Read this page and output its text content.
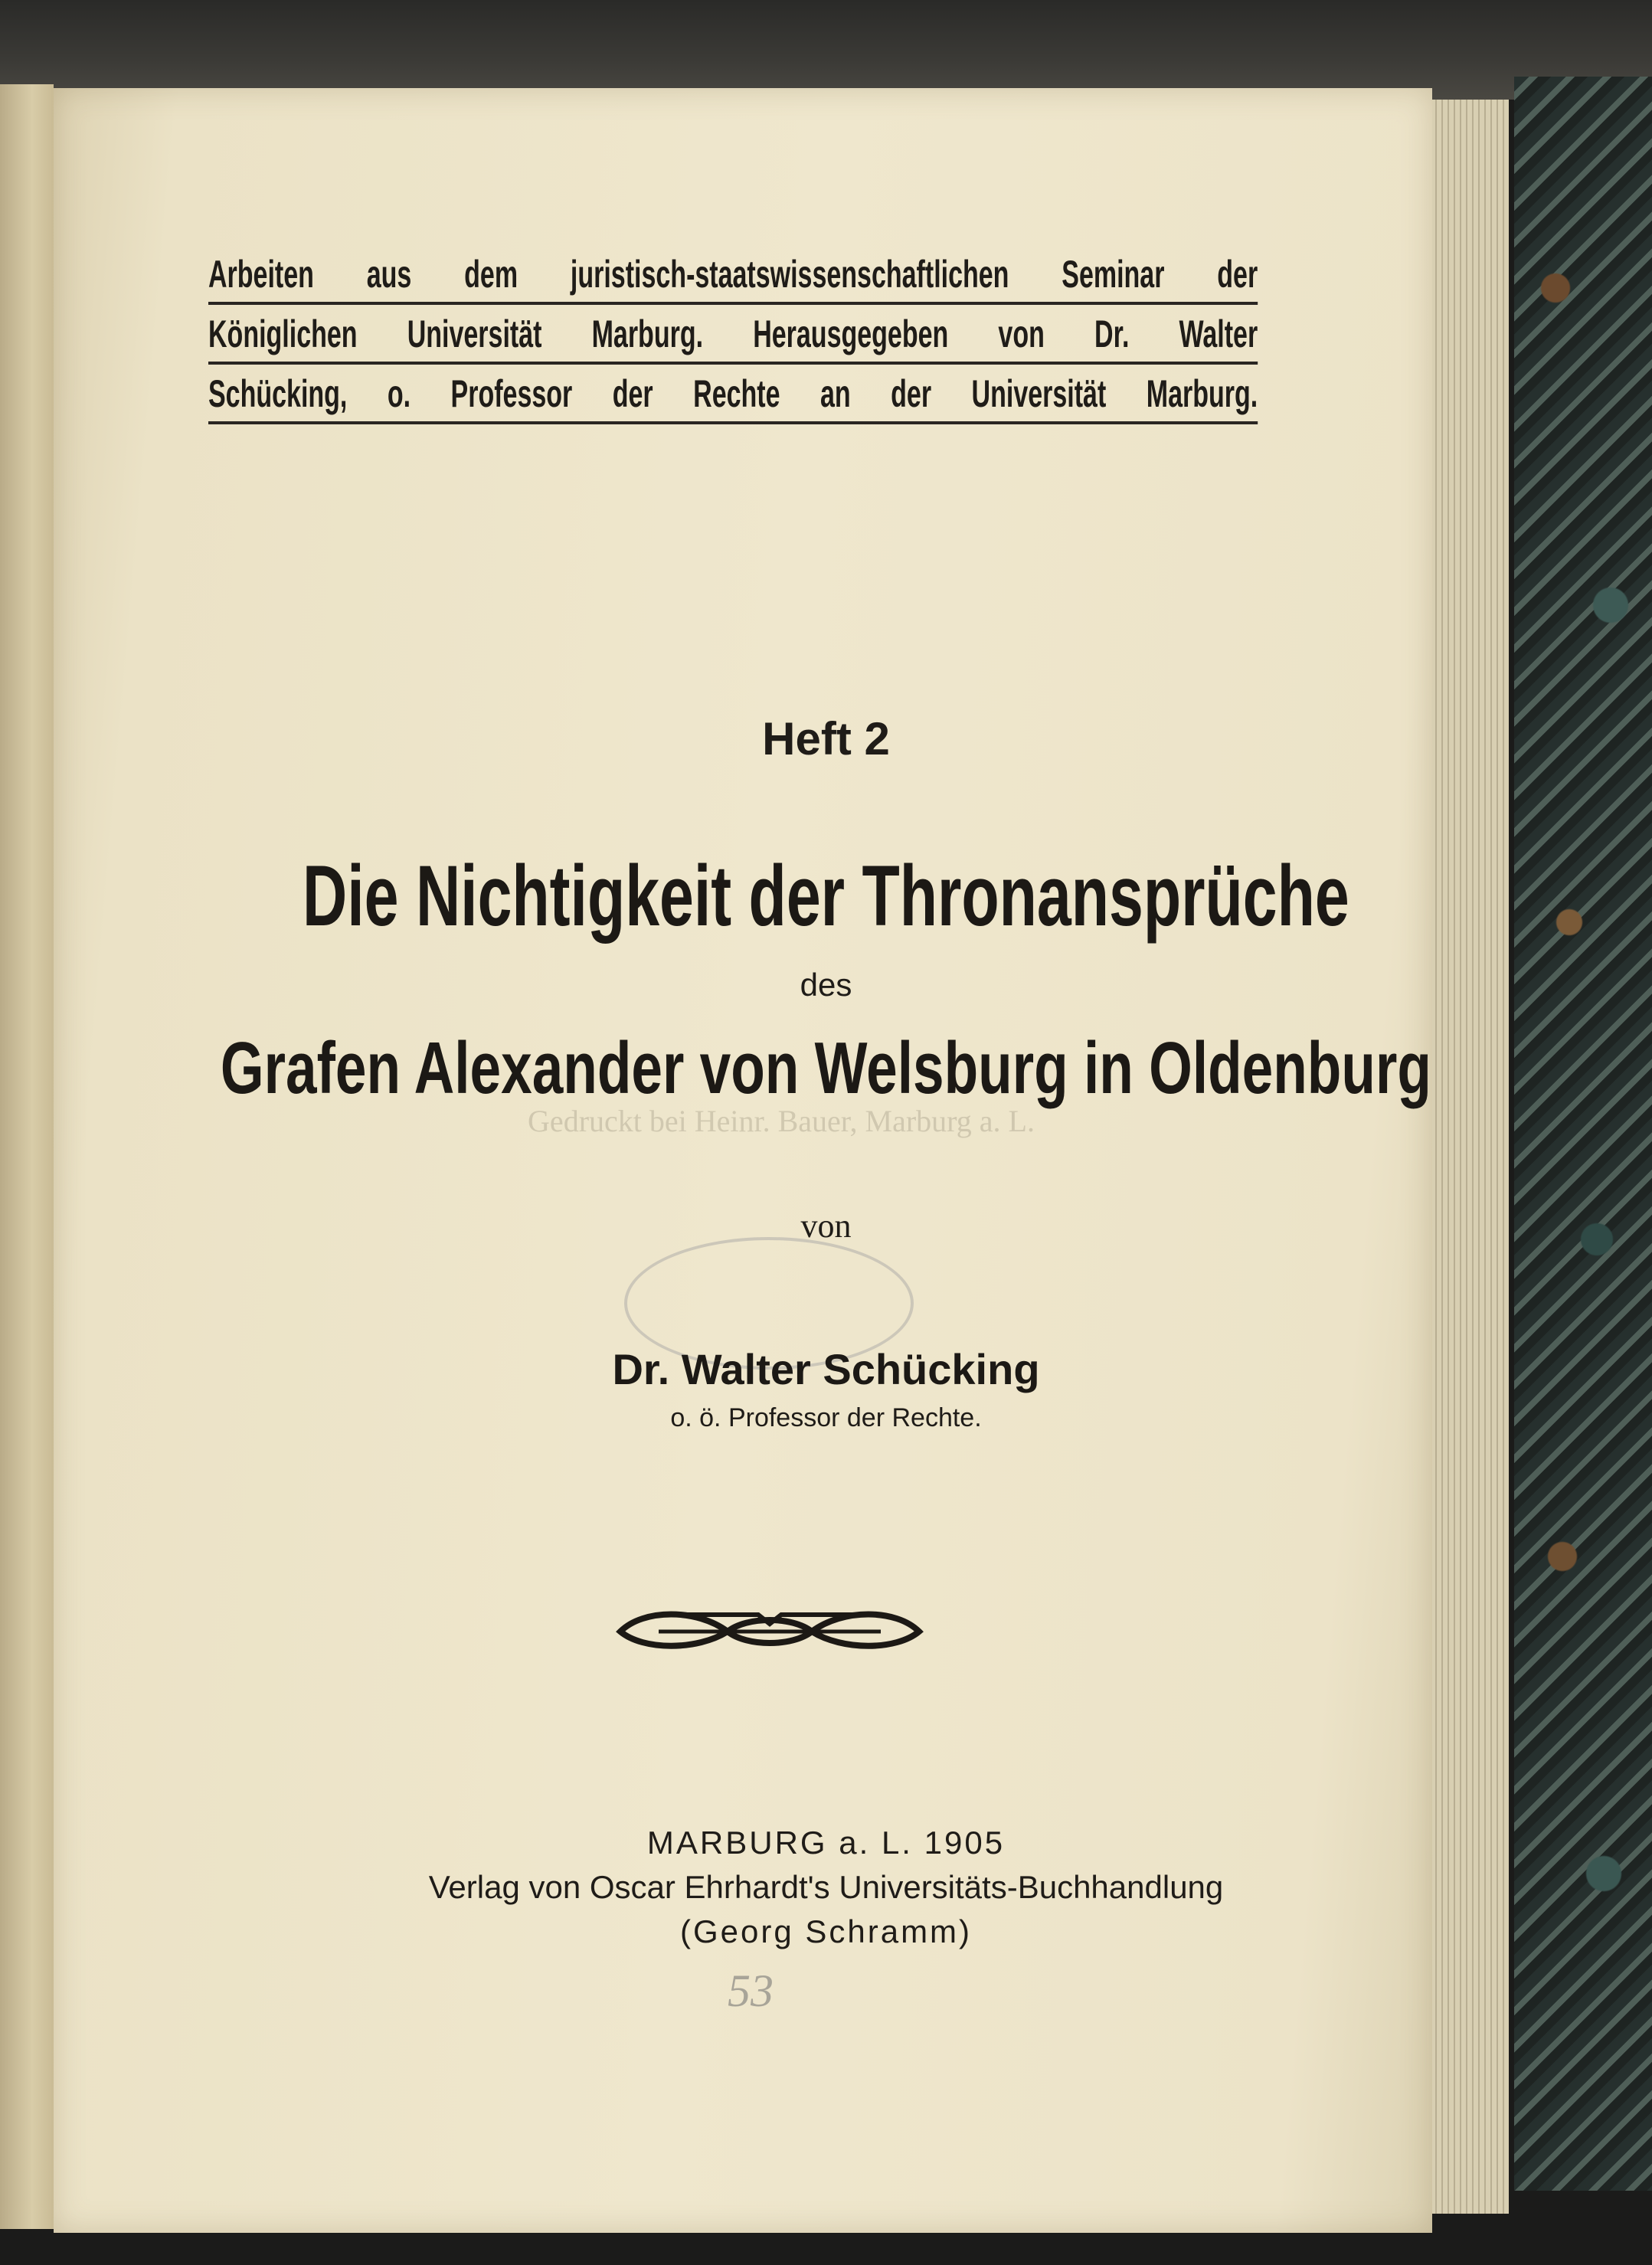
Arbeiten aus dem juristisch-staatswissenschaftlichen Seminar der
Königlichen Universität Marburg. Herausgegeben von Dr. Walter
Schücking, o. Professor der Rechte an der Universität Marburg.
Heft 2
Die Nichtigkeit der Thronansprüche
des
Grafen Alexander von Welsburg in Oldenburg
Gedruckt bei Heinr. Bauer, Marburg a. L.
von
Dr. Walter Schücking
o. ö. Professor der Rechte.
MARBURG a. L. 1905
Verlag von Oscar Ehrhardt's Universitäts-Buchhandlung
(Georg Schramm)
53
